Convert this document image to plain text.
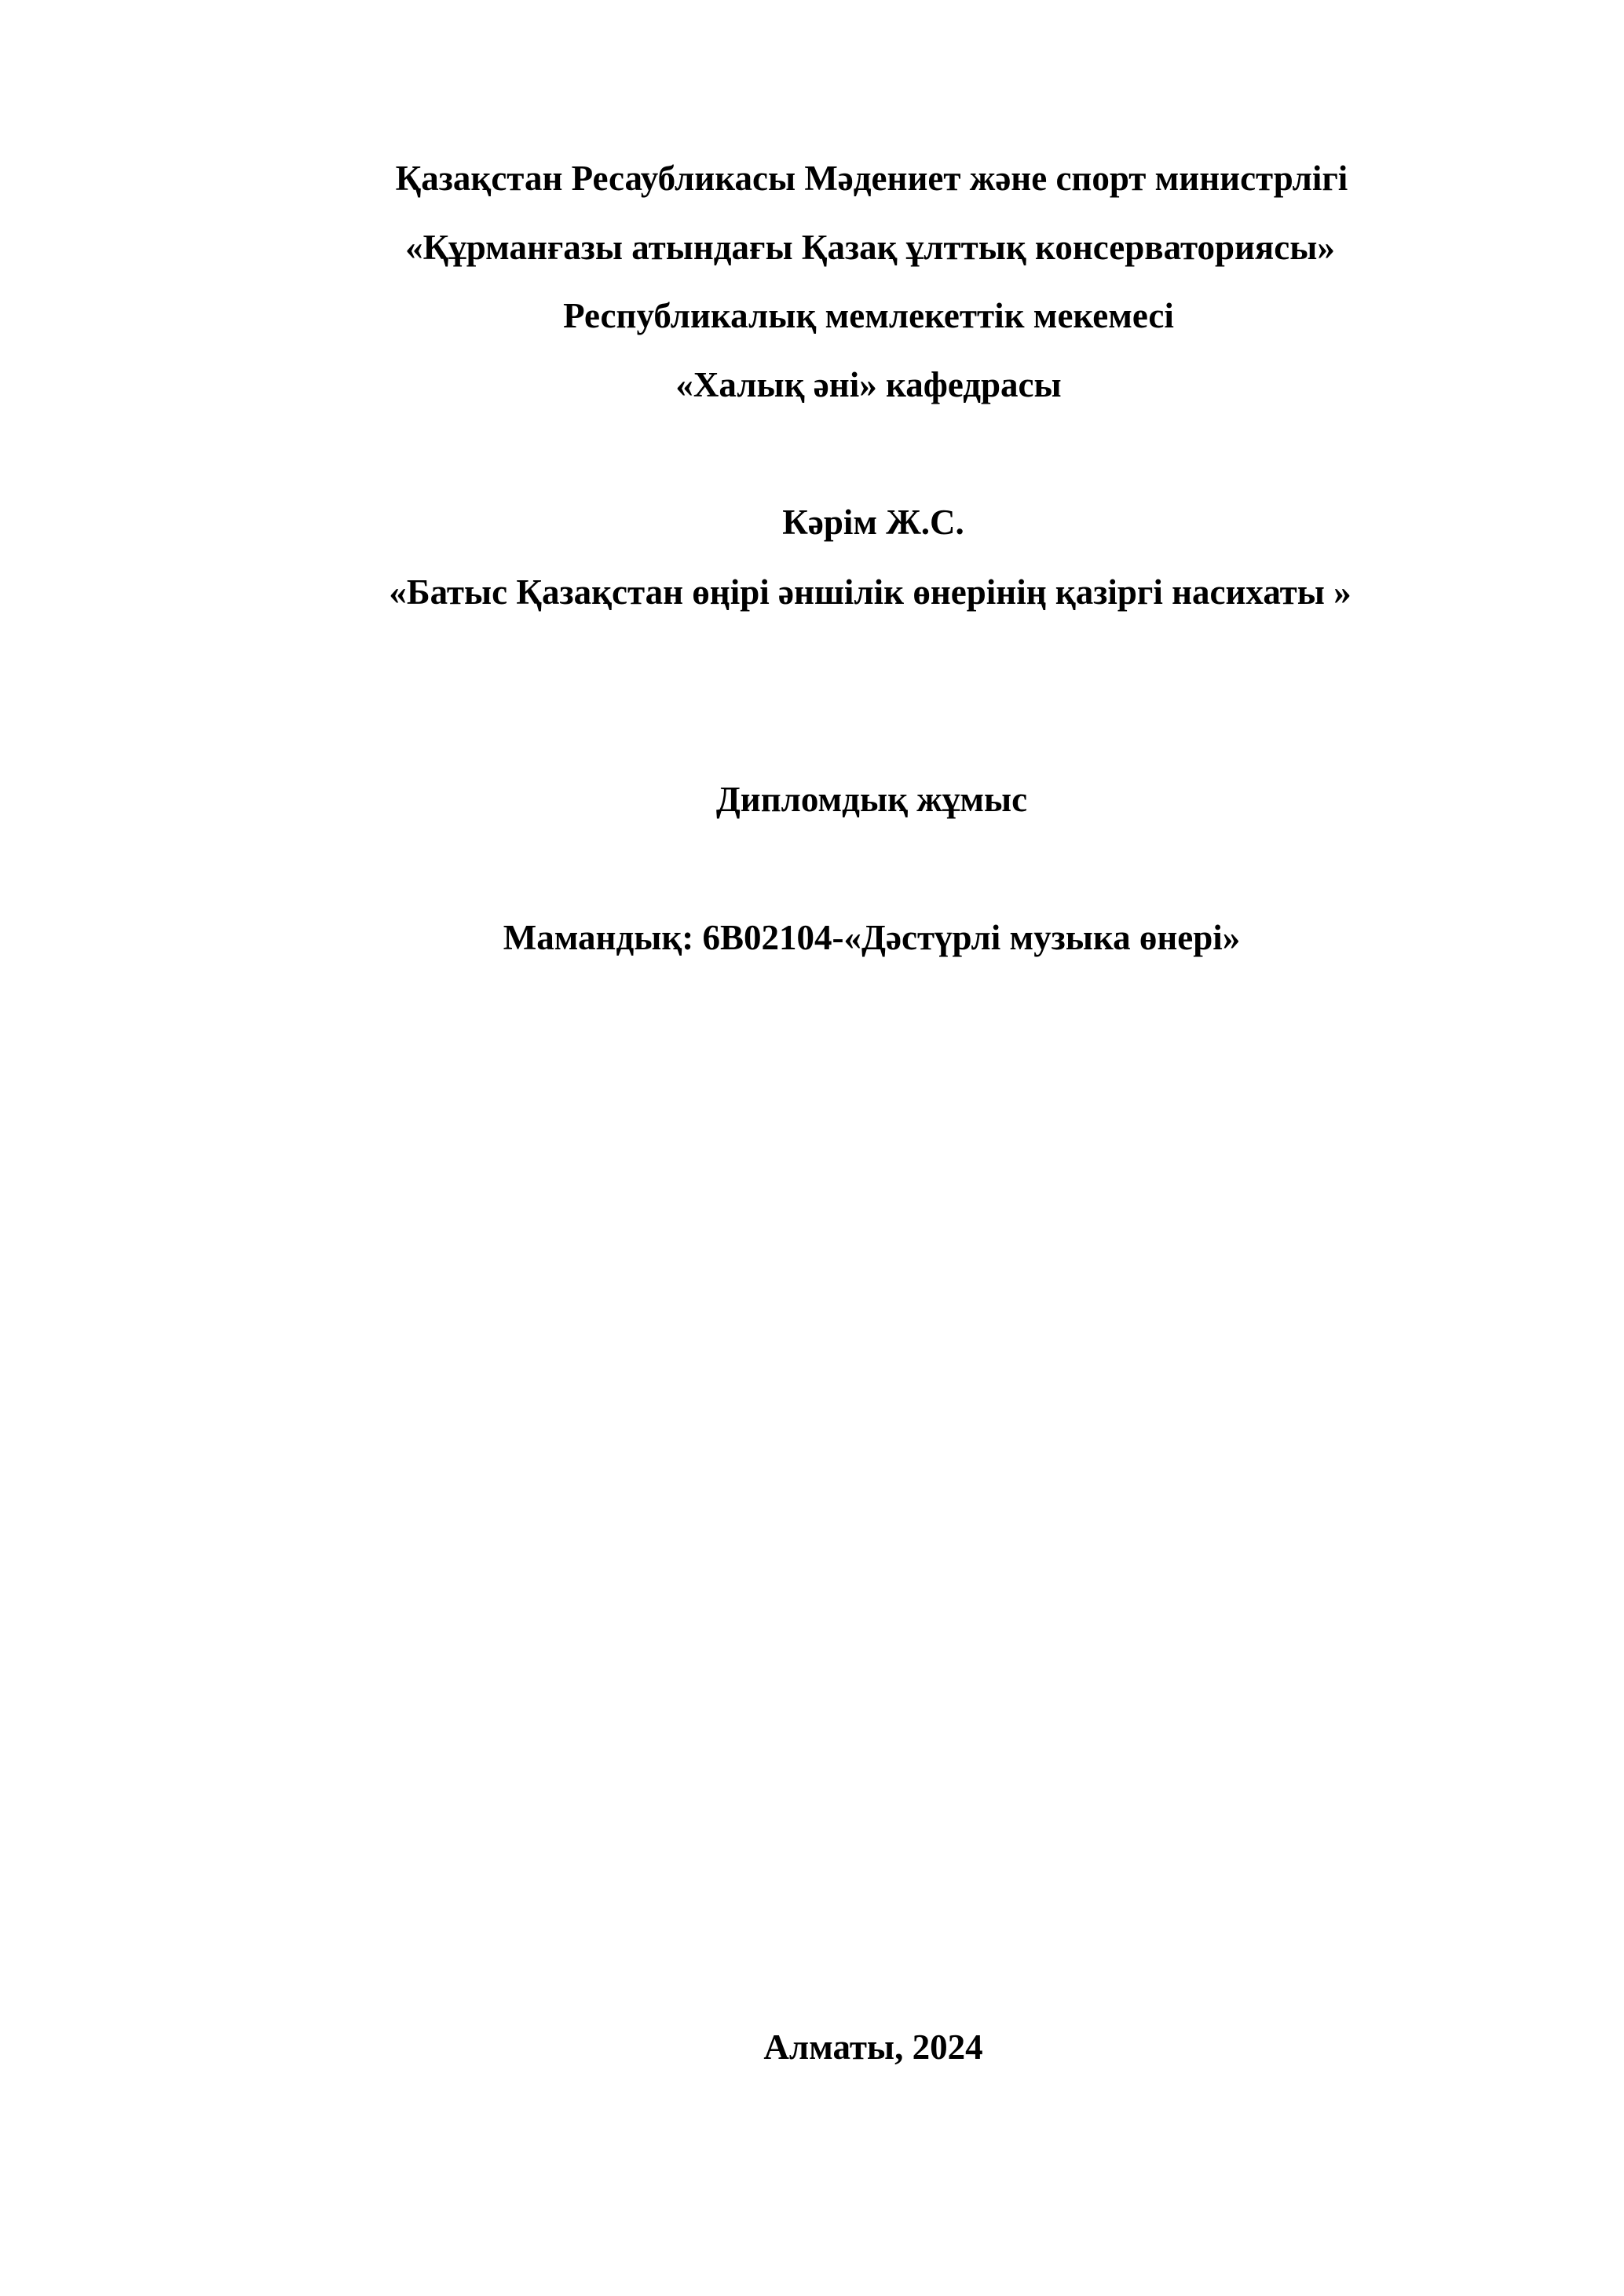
Қазақстан Ресаубликасы Мәдениет және спорт министрлігі
«Құрманғазы атындағы Қазақ ұлттық консерваториясы»
Республикалық мемлекеттік мекемесі
«Халық әні» кафедрасы
Кәрім Ж.С.
«Батыс Қазақстан өңірі әншілік өнерінің қазіргі насихаты »
Дипломдық жұмыс
Мамандық: 6B02104-«Дәстүрлі музыка өнері»
Алматы, 2024
